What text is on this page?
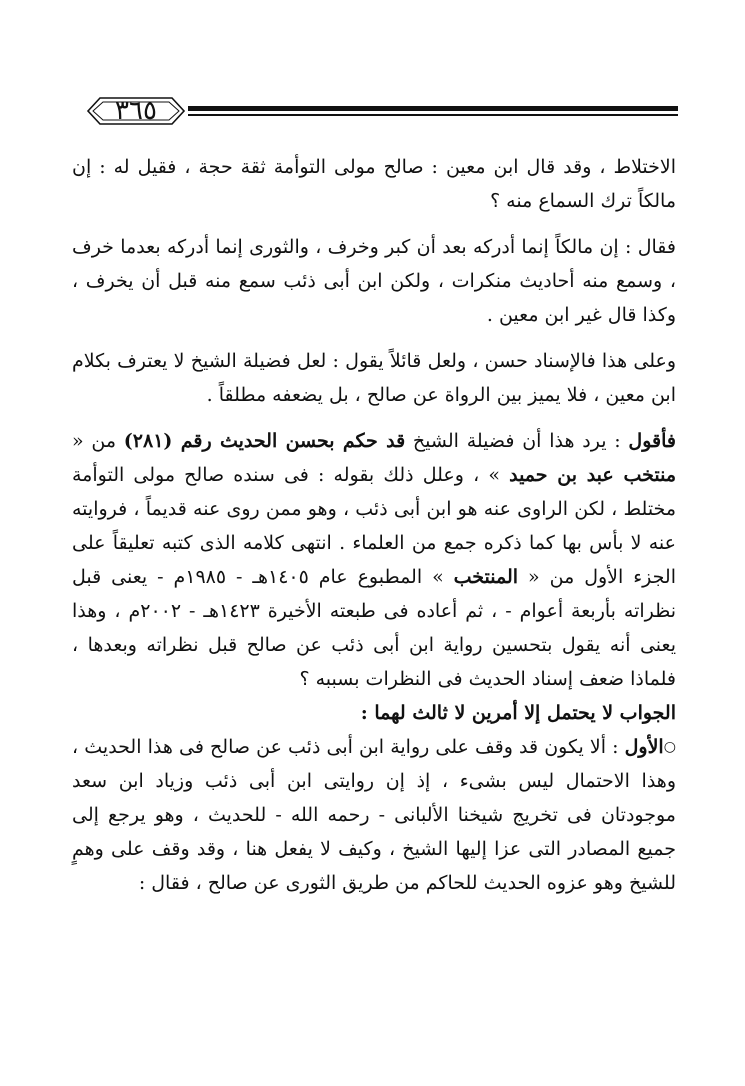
٣٦٥

الاختلاط ، وقد قال ابن معين : صالح مولى التوأمة ثقة حجة ، فقيل له : إن مالكاً ترك السماع منه ؟

فقال : إن مالكاً إنما أدركه بعد أن كبر وخرف ، والثورى إنما أدركه بعدما خرف ، وسمع منه أحاديث منكرات ، ولكن ابن أبى ذئب سمع منه قبل أن يخرف ، وكذا قال غير ابن معين .

وعلى هذا فالإسناد حسن ، ولعل قائلاً يقول : لعل فضيلة الشيخ لا يعترف بكلام ابن معين ، فلا يميز بين الرواة عن صالح ، بل يضعفه مطلقاً .

فأقول : يرد هذا أن فضيلة الشيخ قد حكم بحسن الحديث رقم (٢٨١) من « منتخب عبد بن حميد » ، وعلل ذلك بقوله : فى سنده صالح مولى التوأمة مختلط ، لكن الراوى عنه هو ابن أبى ذئب ، وهو ممن روى عنه قديماً ، فروايته عنه لا بأس بها كما ذكره جمع من العلماء . انتهى كلامه الذى كتبه تعليقاً على الجزء الأول من « المنتخب » المطبوع عام ١٤٠٥هـ - ١٩٨٥م - يعنى قبل نظراته بأربعة أعوام - ، ثم أعاده فى طبعته الأخيرة ١٤٢٣هـ - ٢٠٠٢م ، وهذا يعنى أنه يقول بتحسين رواية ابن أبى ذئب عن صالح قبل نظراته وبعدها ، فلماذا ضعف إسناد الحديث فى النظرات بسببه ؟

الجواب لا يحتمل إلا أمرين لا ثالث لهما :

○الأول : ألا يكون قد وقف على رواية ابن أبى ذئب عن صالح فى هذا الحديث ، وهذا الاحتمال ليس بشىء ، إذ إن روايتى ابن أبى ذئب وزياد ابن سعد موجودتان فى تخريج شيخنا الألبانى - رحمه الله - للحديث ، وهو يرجع إلى جميع المصادر التى عزا إليها الشيخ ، وكيف لا يفعل هنا ، وقد وقف على وهمٍ للشيخ وهو عزوه الحديث للحاكم من طريق الثورى عن صالح ، فقال :
